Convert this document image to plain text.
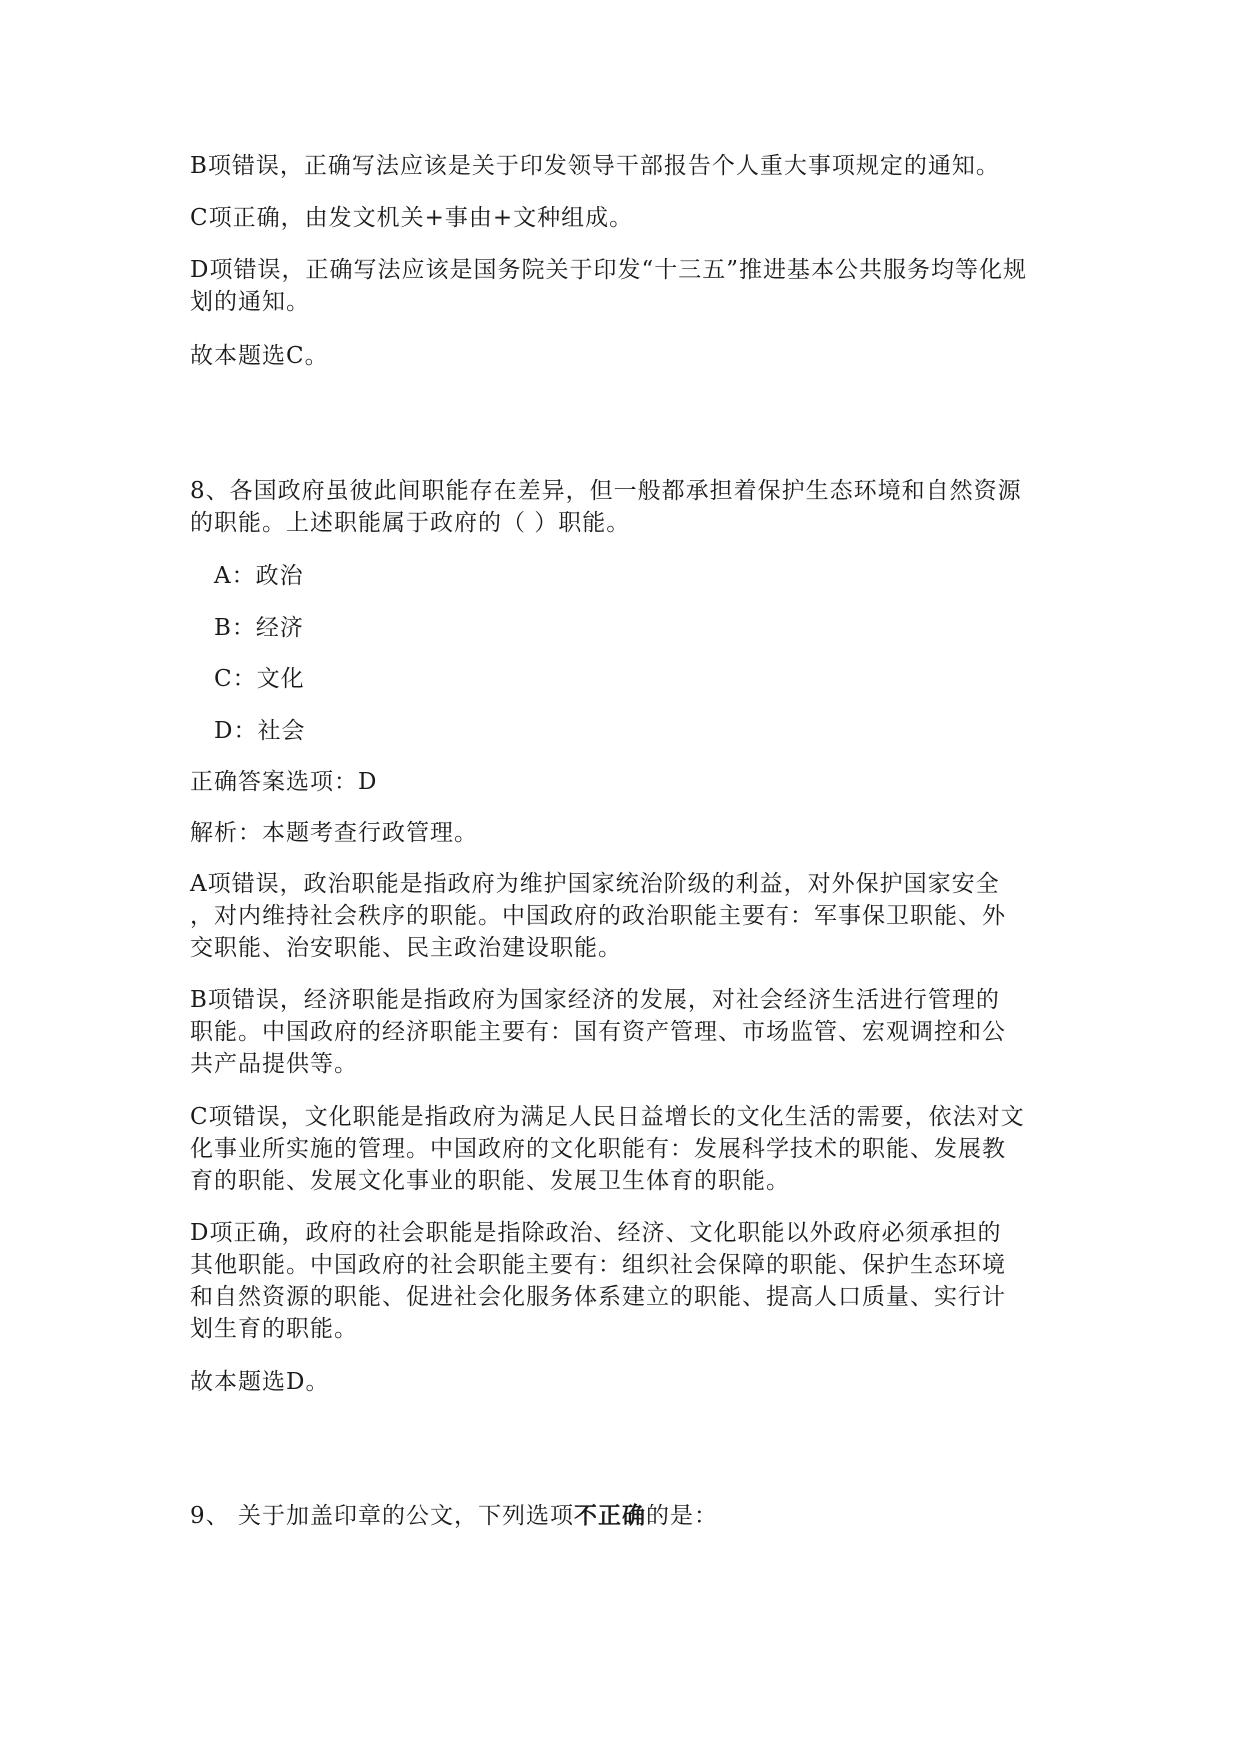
B项错误，正确写法应该是关于印发领导干部报告个人重大事项规定的通知。
C项正确，由发文机关+事由+文种组成。
D项错误，正确写法应该是国务院关于印发“十三五”推进基本公共服务均等化规
划的通知。
故本题选C。
8、各国政府虽彼此间职能存在差异，但一般都承担着保护生态环境和自然资源
的职能。上述职能属于政府的（ ）职能。
A：政治
B：经济
C：文化
D：社会
正确答案选项：D
解析：本题考查行政管理。
A项错误，政治职能是指政府为维护国家统治阶级的利益，对外保护国家安全
，对内维持社会秩序的职能。中国政府的政治职能主要有：军事保卫职能、外
交职能、治安职能、民主政治建设职能。
B项错误，经济职能是指政府为国家经济的发展，对社会经济生活进行管理的
职能。中国政府的经济职能主要有：国有资产管理、市场监管、宏观调控和公
共产品提供等。
C项错误，文化职能是指政府为满足人民日益增长的文化生活的需要，依法对文
化事业所实施的管理。中国政府的文化职能有：发展科学技术的职能、发展教
育的职能、发展文化事业的职能、发展卫生体育的职能。
D项正确，政府的社会职能是指除政治、经济、文化职能以外政府必须承担的
其他职能。中国政府的社会职能主要有：组织社会保障的职能、保护生态环境
和自然资源的职能、促进社会化服务体系建立的职能、提高人口质量、实行计
划生育的职能。
故本题选D。
9、 关于加盖印章的公文，下列选项不正确的是：
